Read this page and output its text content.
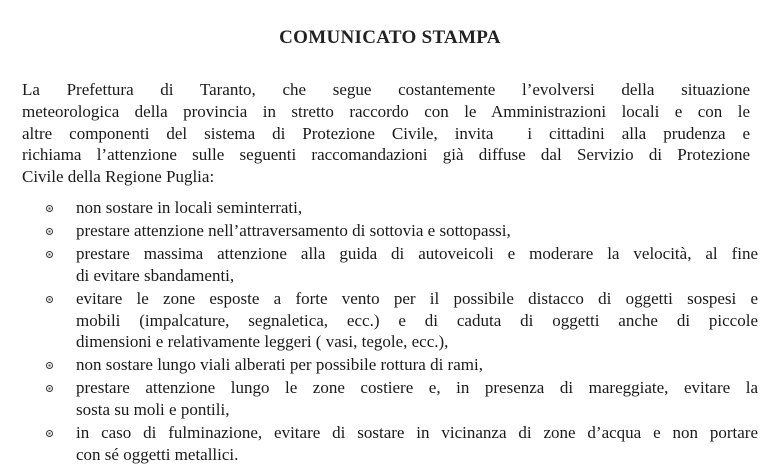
COMUNICATO STAMPA
La Prefettura di Taranto, che segue costantemente l’evolversi della situazione
meteorologica della provincia in stretto raccordo con le Amministrazioni locali e con le
altre componenti del sistema di Protezione Civile, invita  i cittadini alla prudenza e
richiama l’attenzione sulle seguenti raccomandazioni già diffuse dal Servizio di Protezione
Civile della Regione Puglia:
non sostare in locali seminterrati,
prestare attenzione nell’attraversamento di sottovia e sottopassi,
prestare massima attenzione alla guida di autoveicoli e moderare la velocità, al fine
di evitare sbandamenti,
evitare le zone esposte a forte vento per il possibile distacco di oggetti sospesi e
mobili (impalcature, segnaletica, ecc.) e di caduta di oggetti anche di piccole
dimensioni e relativamente leggeri ( vasi, tegole, ecc.),
non sostare lungo viali alberati per possibile rottura di rami,
prestare attenzione lungo le zone costiere e, in presenza di mareggiate, evitare la
sosta su moli e pontili,
in caso di fulminazione, evitare di sostare in vicinanza di zone d’acqua e non portare
con sé oggetti metallici.
